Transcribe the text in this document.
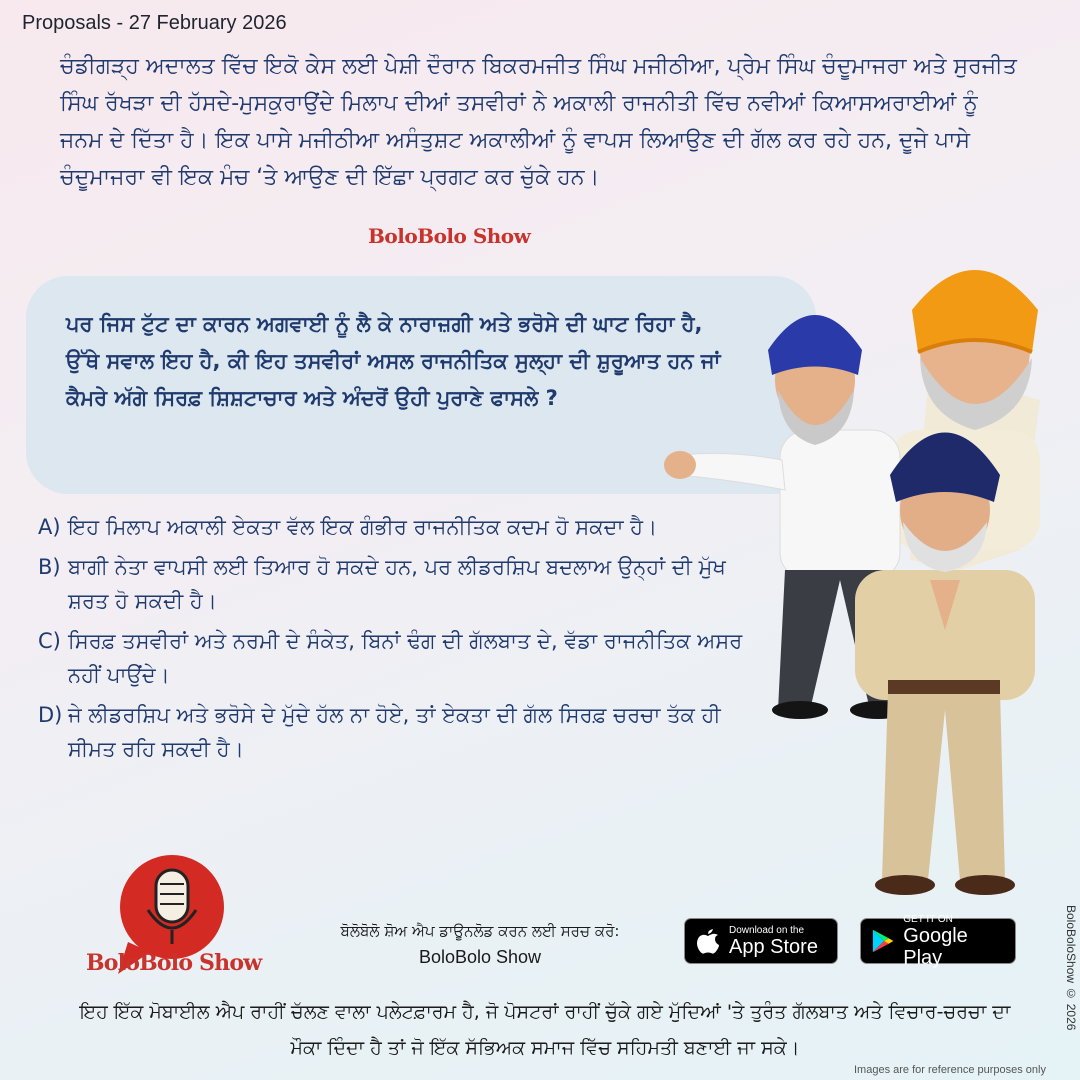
Proposals - 27 February 2026
ਚੰਡੀਗੜ੍ਹ ਅਦਾਲਤ ਵਿੱਚ ਇਕੋ ਕੇਸ ਲਈ ਪੇਸ਼ੀ ਦੌਰਾਨ ਬਿਕਰਮਜੀਤ ਸਿੰਘ ਮਜੀਠੀਆ, ਪ੍ਰੇਮ ਸਿੰਘ ਚੰਦੂਮਾਜਰਾ ਅਤੇ ਸੁਰਜੀਤ ਸਿੰਘ ਰੱਖੜਾ ਦੀ ਹੱਸਦੇ-ਮੁਸਕੁਰਾਉਂਦੇ ਮਿਲਾਪ ਦੀਆਂ ਤਸਵੀਰਾਂ ਨੇ ਅਕਾਲੀ ਰਾਜਨੀਤੀ ਵਿੱਚ ਨਵੀਆਂ ਕਿਆਸਅਰਾਈਆਂ ਨੂੰ ਜਨਮ ਦੇ ਦਿੱਤਾ ਹੈ। ਇਕ ਪਾਸੇ ਮਜੀਠੀਆ ਅਸੰਤੁਸ਼ਟ ਅਕਾਲੀਆਂ ਨੂੰ ਵਾਪਸ ਲਿਆਉਣ ਦੀ ਗੱਲ ਕਰ ਰਹੇ ਹਨ, ਦੂਜੇ ਪਾਸੇ ਚੰਦੂਮਾਜਰਾ ਵੀ ਇਕ ਮੰਚ ‘ਤੇ ਆਉਣ ਦੀ ਇੱਛਾ ਪ੍ਰਗਟ ਕਰ ਚੁੱਕੇ ਹਨ।
BoloBolo Show
ਪਰ ਜਿਸ ਟੁੱਟ ਦਾ ਕਾਰਨ ਅਗਵਾਈ ਨੂੰ ਲੈ ਕੇ ਨਾਰਾਜ਼ਗੀ ਅਤੇ ਭਰੋਸੇ ਦੀ ਘਾਟ ਰਿਹਾ ਹੈ, ਉੱਥੇ ਸਵਾਲ ਇਹ ਹੈ, ਕੀ ਇਹ ਤਸਵੀਰਾਂ ਅਸਲ ਰਾਜਨੀਤਿਕ ਸੁਲ੍ਹਾ ਦੀ ਸ਼ੁਰੂਆਤ ਹਨ ਜਾਂ ਕੈਮਰੇ ਅੱਗੇ ਸਿਰਫ਼ ਸ਼ਿਸ਼ਟਾਚਾਰ ਅਤੇ ਅੰਦਰੋਂ ਉਹੀ ਪੁਰਾਣੇ ਫਾਸਲੇ ?
A) ਇਹ ਮਿਲਾਪ ਅਕਾਲੀ ਏਕਤਾ ਵੱਲ ਇਕ ਗੰਭੀਰ ਰਾਜਨੀਤਿਕ ਕਦਮ ਹੋ ਸਕਦਾ ਹੈ।
B) ਬਾਗੀ ਨੇਤਾ ਵਾਪਸੀ ਲਈ ਤਿਆਰ ਹੋ ਸਕਦੇ ਹਨ, ਪਰ ਲੀਡਰਸ਼ਿਪ ਬਦਲਾਅ ਉਨ੍ਹਾਂ ਦੀ ਮੁੱਖ ਸ਼ਰਤ ਹੋ ਸਕਦੀ ਹੈ।
C) ਸਿਰਫ਼ ਤਸਵੀਰਾਂ ਅਤੇ ਨਰਮੀ ਦੇ ਸੰਕੇਤ, ਬਿਨਾਂ ਢੰਗ ਦੀ ਗੱਲਬਾਤ ਦੇ, ਵੱਡਾ ਰਾਜਨੀਤਿਕ ਅਸਰ ਨਹੀਂ ਪਾਉਂਦੇ।
D) ਜੇ ਲੀਡਰਸ਼ਿਪ ਅਤੇ ਭਰੋਸੇ ਦੇ ਮੁੱਦੇ ਹੱਲ ਨਾ ਹੋਏ, ਤਾਂ ਏਕਤਾ ਦੀ ਗੱਲ ਸਿਰਫ਼ ਚਰਚਾ ਤੱਕ ਹੀ ਸੀਮਤ ਰਹਿ ਸਕਦੀ ਹੈ।
BoloBolo Show
ਬੋਲੋਬੋਲੋ ਸ਼ੋਅ ਐਪ ਡਾਊਨਲੋਡ ਕਰਨ ਲਈ ਸਰਚ ਕਰੋ:
BoloBolo Show
Download on the
App Store
GET IT ON
Google Play
ਇਹ ਇੱਕ ਮੋਬਾਈਲ ਐਪ ਰਾਹੀਂ ਚੱਲਣ ਵਾਲਾ ਪਲੇਟਫ਼ਾਰਮ ਹੈ, ਜੋ ਪੋਸਟਰਾਂ ਰਾਹੀਂ ਚੁੱਕੇ ਗਏ ਮੁੱਦਿਆਂ 'ਤੇ ਤੁਰੰਤ ਗੱਲਬਾਤ ਅਤੇ ਵਿਚਾਰ-ਚਰਚਾ ਦਾ ਮੌਕਾ ਦਿੰਦਾ ਹੈ ਤਾਂ ਜੋ ਇੱਕ ਸੱਭਿਅਕ ਸਮਾਜ ਵਿੱਚ ਸਹਿਮਤੀ ਬਣਾਈ ਜਾ ਸਕੇ।
BoloBoloShow © 2026
Images are for reference purposes only
